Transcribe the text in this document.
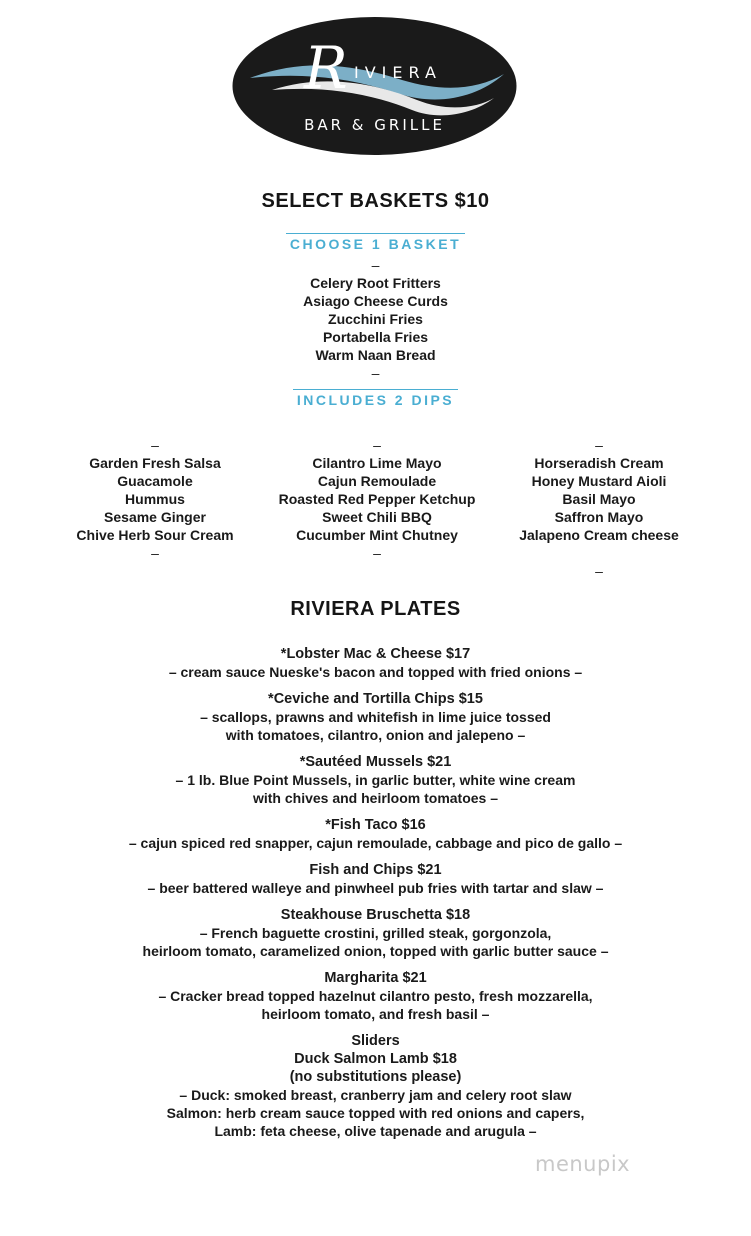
R IVIERA
BAR & GRILLE
SELECT BASKETS $10
CHOOSE 1 BASKET
–
Celery Root Fritters
Asiago Cheese Curds
Zucchini Fries
Portabella Fries
Warm Naan Bread
–
INCLUDES 2 DIPS
–
Garden Fresh Salsa
Guacamole
Hummus
Sesame Ginger
Chive Herb Sour Cream
–
–
Cilantro Lime Mayo
Cajun Remoulade
Roasted Red Pepper Ketchup
Sweet Chili BBQ
Cucumber Mint Chutney
–
–
Horseradish Cream
Honey Mustard Aioli
Basil Mayo
Saffron Mayo
Jalapeno Cream cheese
–
RIVIERA PLATES
*Lobster Mac & Cheese $17
– cream sauce Nueske's bacon and topped with fried onions –
*Ceviche and Tortilla Chips $15
– scallops, prawns and whitefish in lime juice tossed
with tomatoes, cilantro, onion and jalepeno –
*Sautéed Mussels $21
– 1 lb. Blue Point Mussels, in garlic butter, white wine cream
with chives and heirloom tomatoes –
*Fish Taco $16
– cajun spiced red snapper, cajun remoulade, cabbage and pico de gallo –
Fish and Chips $21
– beer battered walleye and pinwheel pub fries with tartar and slaw –
Steakhouse Bruschetta $18
– French baguette crostini, grilled steak, gorgonzola,
heirloom tomato, caramelized onion, topped with garlic butter sauce –
Margharita $21
– Cracker bread topped hazelnut cilantro pesto, fresh mozzarella,
heirloom tomato, and fresh basil –
Sliders
Duck Salmon Lamb $18
(no substitutions please)
– Duck: smoked breast, cranberry jam and celery root slaw
Salmon: herb cream sauce topped with red onions and capers,
Lamb: feta cheese, olive tapenade and arugula –
menupix
